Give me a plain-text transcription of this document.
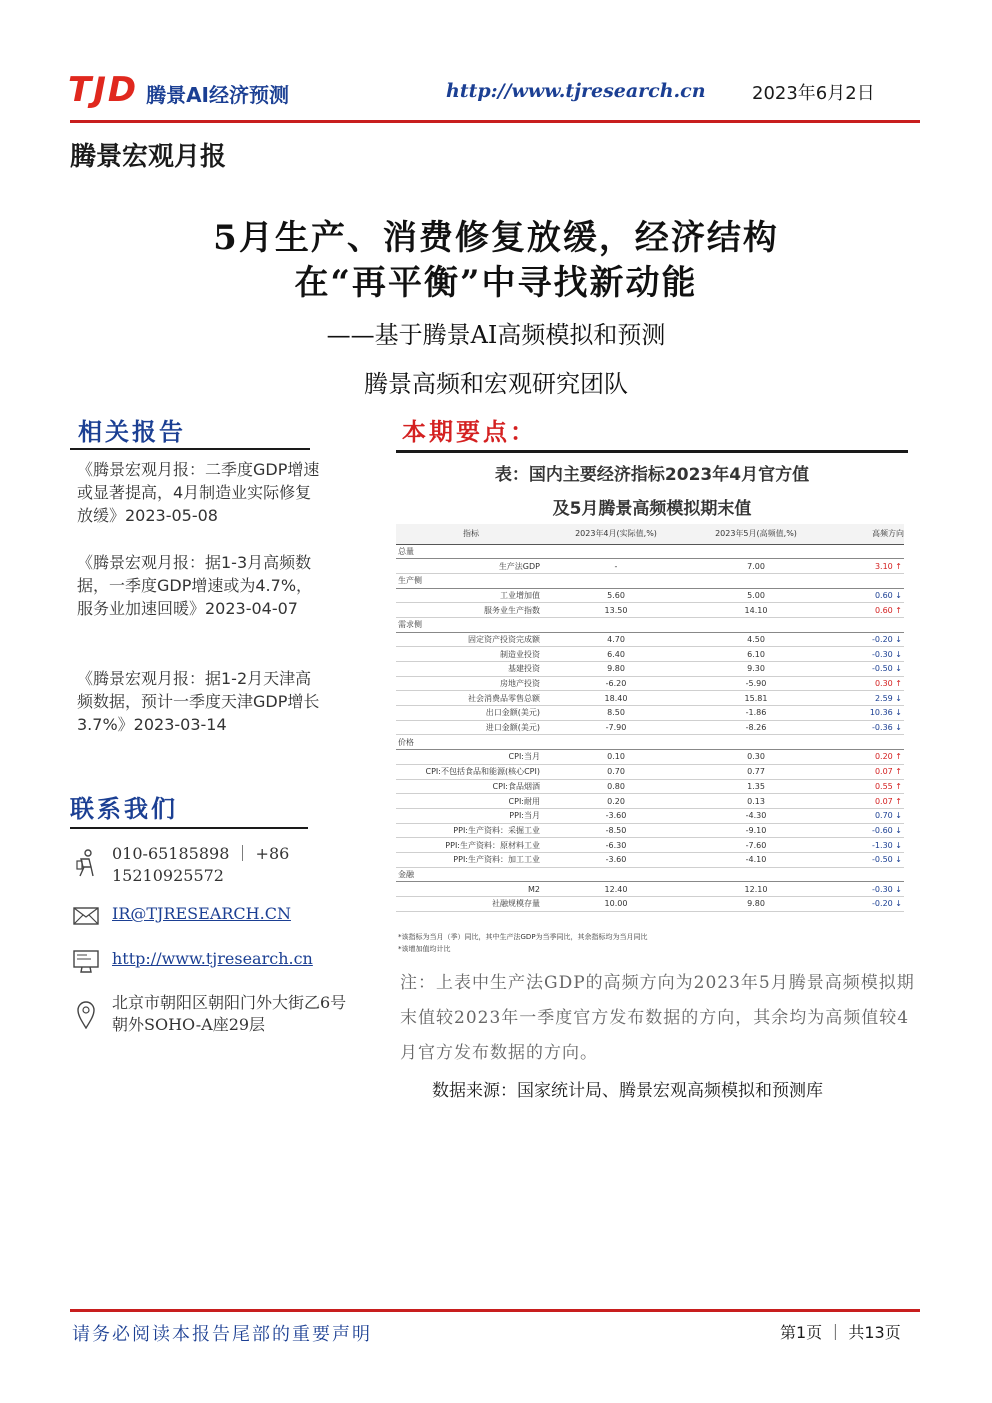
TJD 腾景AI经济预测	http://www.tjresearch.cn	2023年6月2日
腾景宏观月报
5月生产、消费修复放缓，经济结构
在“再平衡”中寻找新动能
——基于腾景AI高频模拟和预测
腾景高频和宏观研究团队
相关报告
《腾景宏观月报：二季度GDP增速或显著提高，4月制造业实际修复放缓》2023-05-08
《腾景宏观月报：据1-3月高频数据，一季度GDP增速或为4.7%，服务业加速回暖》2023-04-07
《腾景宏观月报：据1-2月天津高频数据，预计一季度天津GDP增长3.7%》2023-03-14
联系我们
010-65185898 ｜ +86 15210925572
IR@TJRESEARCH.CN
http://www.tjresearch.cn
北京市朝阳区朝阳门外大街乙6号朝外SOHO-A座29层
本期要点：
表：国内主要经济指标2023年4月官方值
及5月腾景高频模拟期末值
指标	2023年4月(实际值,%)	2023年5月(高频值,%)	高频方向
总量			
生产法GDP	-	7.00	3.10 ↑
生产侧			
工业增加值	5.60	5.00	0.60 ↓
服务业生产指数	13.50	14.10	0.60 ↑
需求侧			
固定资产投资完成额	4.70	4.50	-0.20 ↓
制造业投资	6.40	6.10	-0.30 ↓
基建投资	9.80	9.30	-0.50 ↓
房地产投资	-6.20	-5.90	0.30 ↑
社会消费品零售总额	18.40	15.81	2.59 ↓
出口金额(美元)	8.50	-1.86	10.36 ↓
进口金额(美元)	-7.90	-8.26	-0.36 ↓
价格			
CPI:当月	0.10	0.30	0.20 ↑
CPI:不包括食品和能源(核心CPI)	0.70	0.77	0.07 ↑
CPI:食品烟酒	0.80	1.35	0.55 ↑
CPI:耐用	0.20	0.13	0.07 ↑
PPI:当月	-3.60	-4.30	0.70 ↓
PPI:生产资料：采掘工业	-8.50	-9.10	-0.60 ↓
PPI:生产资料：原材料工业	-6.30	-7.60	-1.30 ↓
PPI:生产资料：加工工业	-3.60	-4.10	-0.50 ↓
金融			
M2	12.40	12.10	-0.30 ↓
社融规模存量	10.00	9.80	-0.20 ↓
*该指标为当月（季）同比，其中生产法GDP为当季同比，其余指标均为当月同比
*该增加值均计比
注：上表中生产法GDP的高频方向为2023年5月腾景高频模拟期末值较2023年一季度官方发布数据的方向，其余均为高频值较4月官方发布数据的方向。
数据来源：国家统计局、腾景宏观高频模拟和预测库
请务必阅读本报告尾部的重要声明	第1页 ｜ 共13页
